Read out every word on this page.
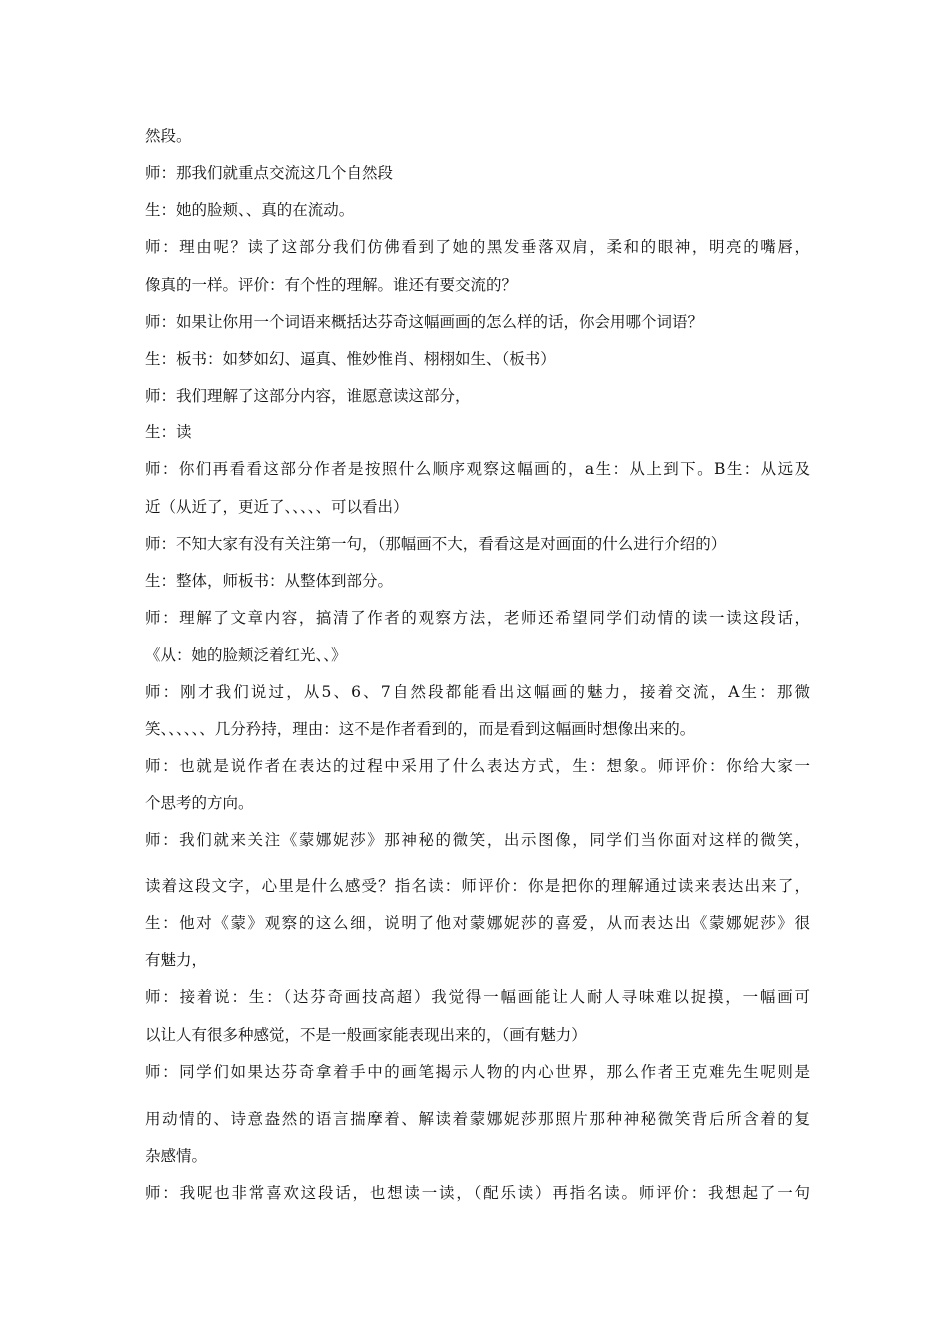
然段。
师：那我们就重点交流这几个自然段
生：她的脸颊、、真的在流动。
师：理由呢？读了这部分我们仿佛看到了她的黑发垂落双肩，柔和的眼神，明亮的嘴唇，
像真的一样。评价：有个性的理解。谁还有要交流的？
师：如果让你用一个词语来概括达芬奇这幅画画的怎么样的话，你会用哪个词语？
生：板书：如梦如幻、逼真、惟妙惟肖、栩栩如生、（板书）
师：我们理解了这部分内容，谁愿意读这部分，
生：读
师：你们再看看这部分作者是按照什么顺序观察这幅画的，a生：从上到下。B生：从远及
近（从近了，更近了、、、、、可以看出）
师：不知大家有没有关注第一句，（那幅画不大，看看这是对画面的什么进行介绍的）
生：整体，师板书：从整体到部分。
师：理解了文章内容，搞清了作者的观察方法，老师还希望同学们动情的读一读这段话，
《从：她的脸颊泛着红光、、》
师：刚才我们说过，从5、6、7自然段都能看出这幅画的魅力，接着交流，A生：那微
笑、、、、、、几分矜持，理由：这不是作者看到的，而是看到这幅画时想像出来的。
师：也就是说作者在表达的过程中采用了什么表达方式，生：想象。师评价：你给大家一
个思考的方向。
师：我们就来关注《蒙娜妮莎》那神秘的微笑，出示图像，同学们当你面对这样的微笑，
读着这段文字，心里是什么感受？指名读：师评价：你是把你的理解通过读来表达出来了，
生：他对《蒙》观察的这么细，说明了他对蒙娜妮莎的喜爱，从而表达出《蒙娜妮莎》很
有魅力，
师：接着说：生：（达芬奇画技高超）我觉得一幅画能让人耐人寻味难以捉摸，一幅画可
以让人有很多种感觉，不是一般画家能表现出来的，（画有魅力）
师：同学们如果达芬奇拿着手中的画笔揭示人物的内心世界，那么作者王克难先生呢则是
用动情的、诗意盎然的语言揣摩着、解读着蒙娜妮莎那照片那种神秘微笑背后所含着的复
杂感情。
师：我呢也非常喜欢这段话，也想读一读，（配乐读）再指名读。师评价：我想起了一句
